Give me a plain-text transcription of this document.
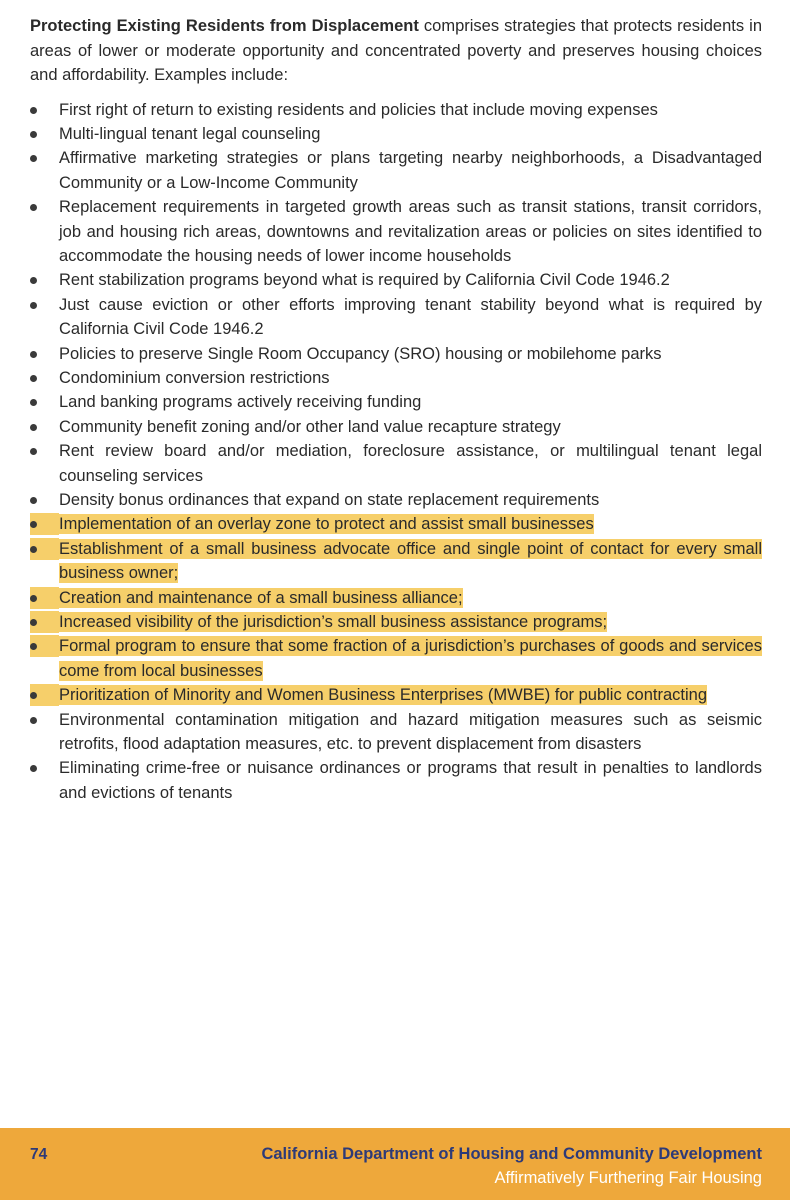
Protecting Existing Residents from Displacement comprises strategies that protects residents in areas of lower or moderate opportunity and concentrated poverty and preserves housing choices and affordability. Examples include:

First right of return to existing residents and policies that include moving expenses
Multi-lingual tenant legal counseling
Affirmative marketing strategies or plans targeting nearby neighborhoods, a Disadvantaged Community or a Low-Income Community
Replacement requirements in targeted growth areas such as transit stations, transit corridors, job and housing rich areas, downtowns and revitalization areas or policies on sites identified to accommodate the housing needs of lower income households
Rent stabilization programs beyond what is required by California Civil Code 1946.2
Just cause eviction or other efforts improving tenant stability beyond what is required by California Civil Code 1946.2
Policies to preserve Single Room Occupancy (SRO) housing or mobilehome parks
Condominium conversion restrictions
Land banking programs actively receiving funding
Community benefit zoning and/or other land value recapture strategy
Rent review board and/or mediation, foreclosure assistance, or multilingual tenant legal counseling services
Density bonus ordinances that expand on state replacement requirements
Implementation of an overlay zone to protect and assist small businesses
Establishment of a small business advocate office and single point of contact for every small business owner;
Creation and maintenance of a small business alliance;
Increased visibility of the jurisdiction’s small business assistance programs;
Formal program to ensure that some fraction of a jurisdiction’s purchases of goods and services come from local businesses
Prioritization of Minority and Women Business Enterprises (MWBE) for public contracting
Environmental contamination mitigation and hazard mitigation measures such as seismic retrofits, flood adaptation measures, etc. to prevent displacement from disasters
Eliminating crime-free or nuisance ordinances or programs that result in penalties to landlords and evictions of tenants
74	California Department of Housing and Community Development
Affirmatively Furthering Fair Housing
